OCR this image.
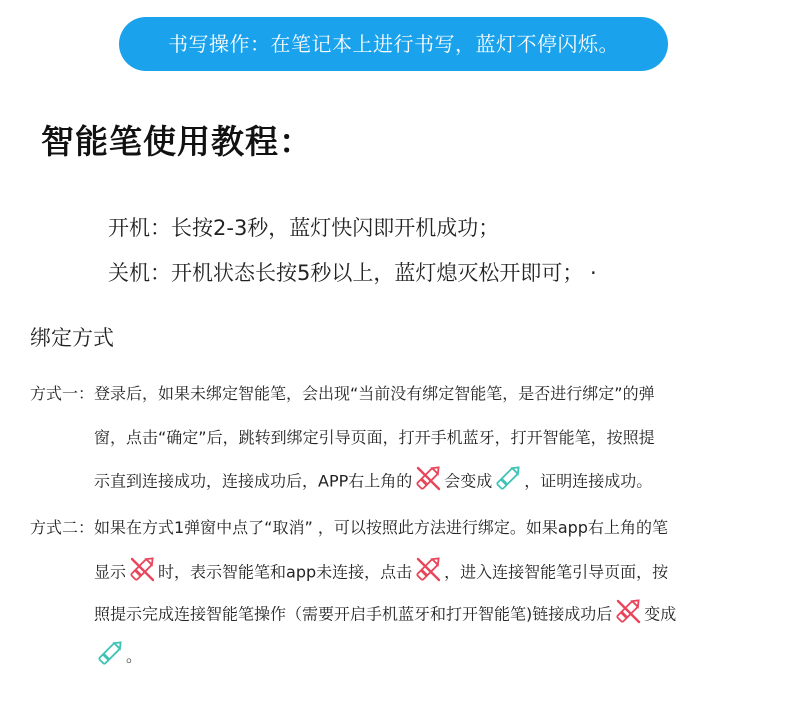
书写操作：在笔记本上进行书写，蓝灯不停闪烁。
智能笔使用教程：
开机：长按2-3秒，蓝灯快闪即开机成功；
关机：开机状态长按5秒以上，蓝灯熄灭松开即可； ·
绑定方式
方式一：登录后，如果未绑定智能笔，会出现“当前没有绑定智能笔，是否进行绑定”的弹
窗，点击“确定”后，跳转到绑定引导页面，打开手机蓝牙，打开智能笔，按照提
示直到连接成功，连接成功后，APP右上角的 会变成 ，证明连接成功。
方式二：如果在方式1弹窗中点了“取消” ，可以按照此方法进行绑定。如果app右上角的笔
显示 时，表示智能笔和app未连接，点击 ，进入连接智能笔引导页面，按
照提示完成连接智能笔操作（需要开启手机蓝牙和打开智能笔)链接成功后 变成
。
